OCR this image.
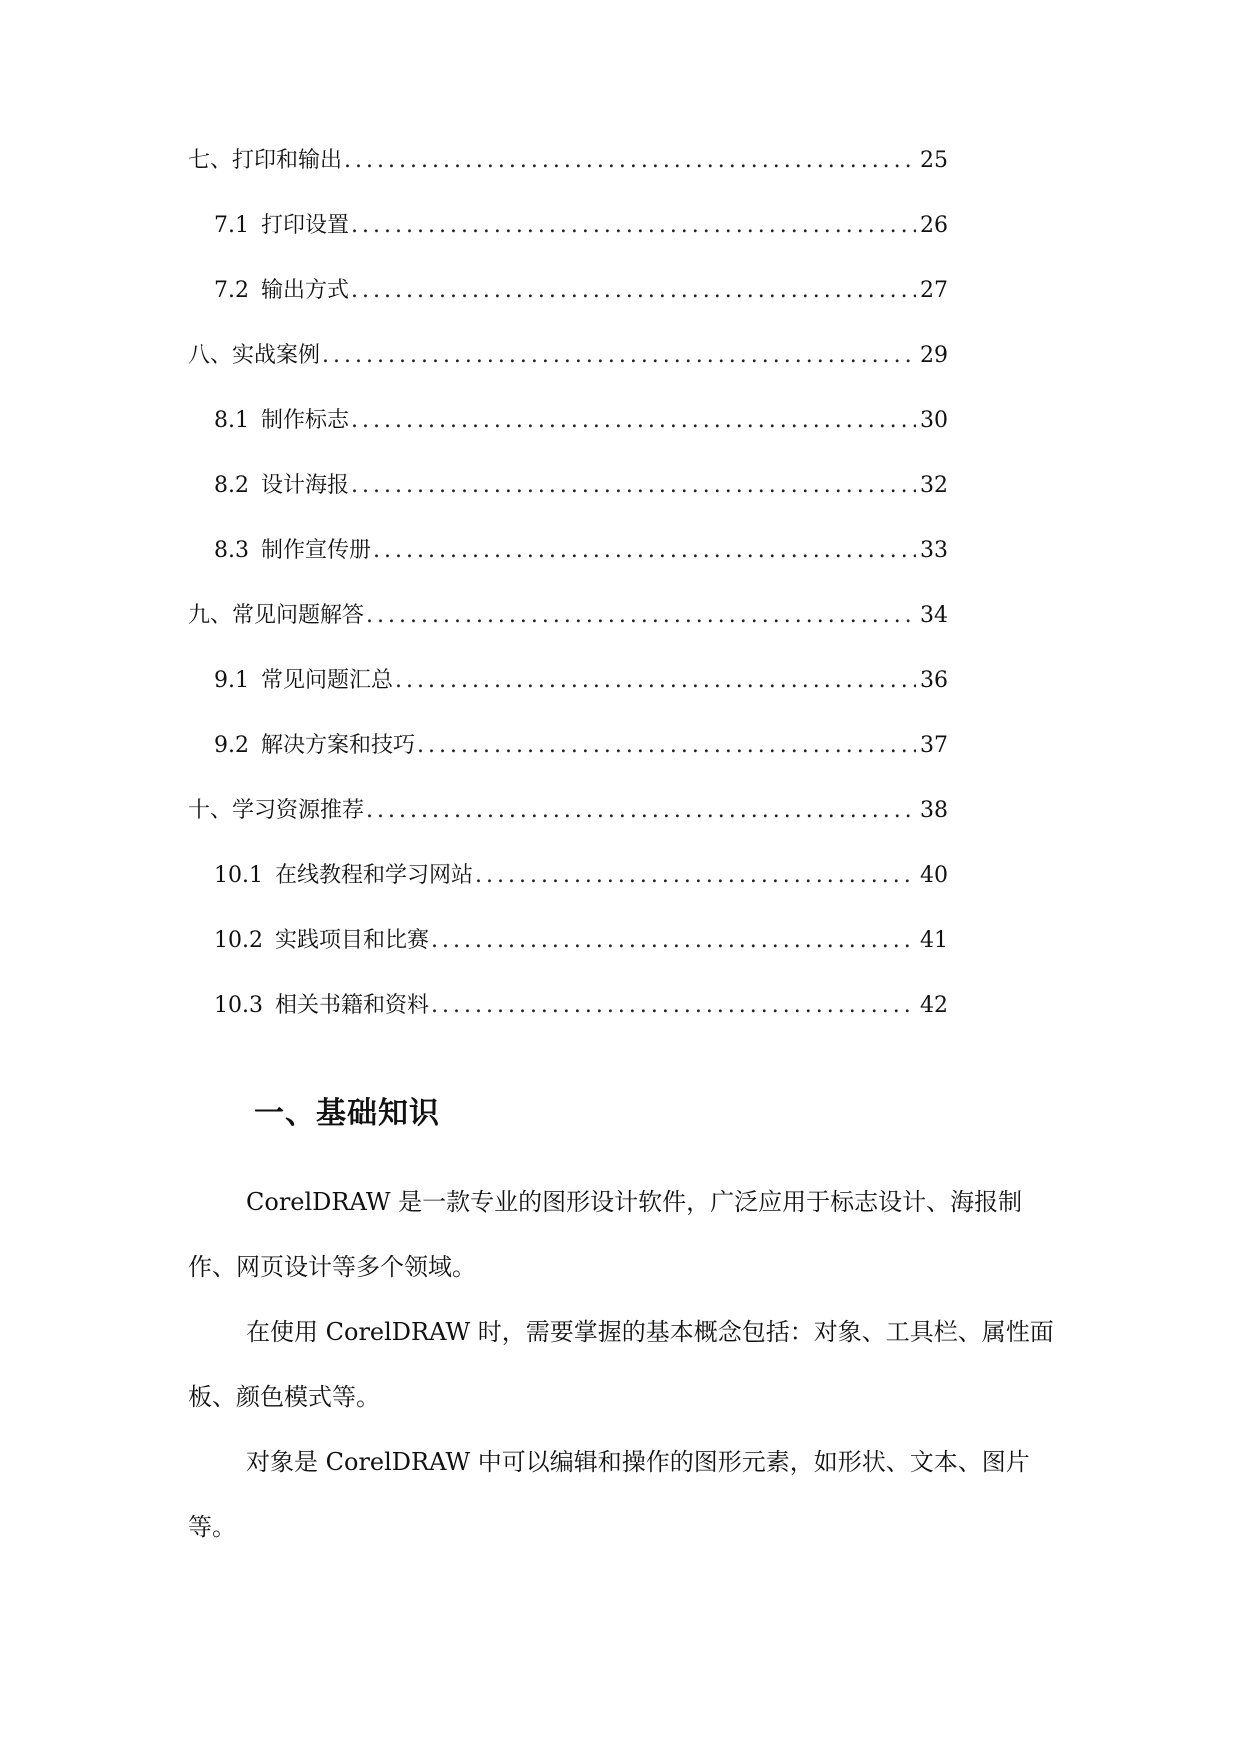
七、打印和输出 .....	25
7.1 打印设置 .....	26
7.2 输出方式 .....	27
八、实战案例 .....	29
8.1 制作标志 .....	30
8.2 设计海报 .....	32
8.3 制作宣传册 .....	33
九、常见问题解答 .....	34
9.1 常见问题汇总 .....	36
9.2 解决方案和技巧 .....	37
十、学习资源推荐 .....	38
10.1 在线教程和学习网站 .....	40
10.2 实践项目和比赛 .....	41
10.3 相关书籍和资料 .....	42
一、基础知识

CorelDRAW 是一款专业的图形设计软件，广泛应用于标志设计、海报制作、网页设计等多个领域。

在使用 CorelDRAW 时，需要掌握的基本概念包括：对象、工具栏、属性面板、颜色模式等。

对象是 CorelDRAW 中可以编辑和操作的图形元素，如形状、文本、图片等。
